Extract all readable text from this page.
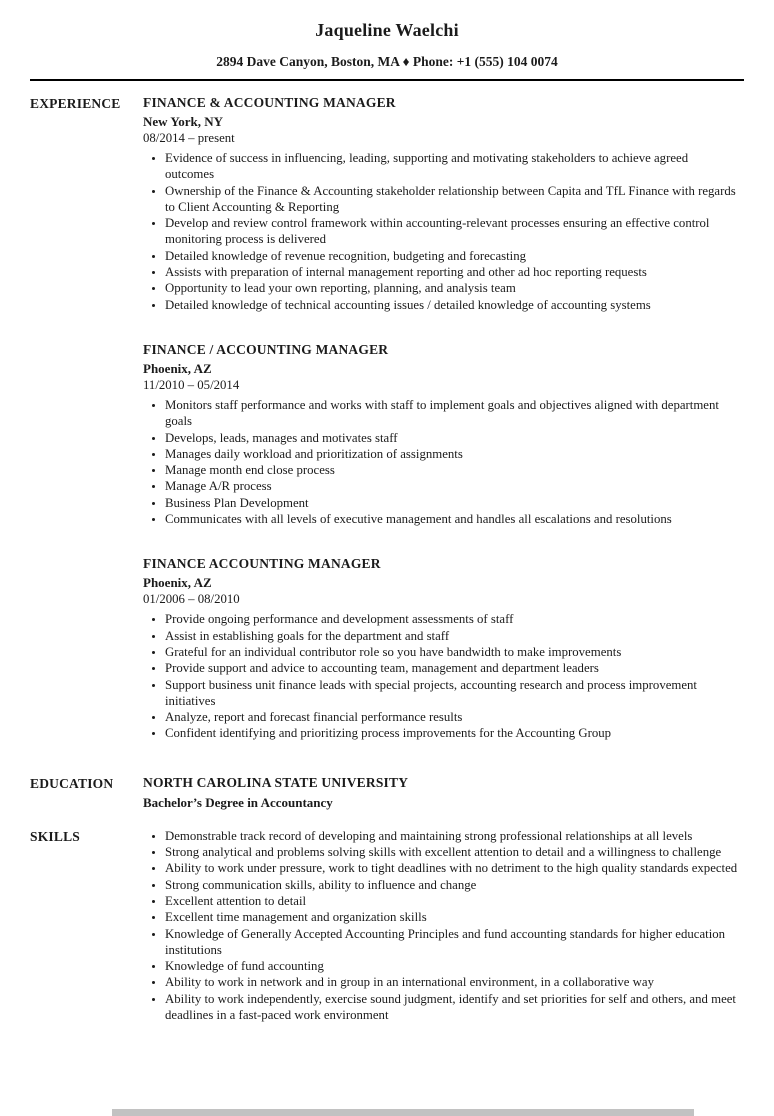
Jaqueline Waelchi
2894 Dave Canyon, Boston, MA ♦ Phone: +1 (555) 104 0074
EXPERIENCE	FINANCE & ACCOUNTING MANAGER
New York, NY
08/2014 – present
• Evidence of success in influencing, leading, supporting and motivating stakeholders to achieve agreed outcomes
• Ownership of the Finance & Accounting stakeholder relationship between Capita and TfL Finance with regards to Client Accounting & Reporting
• Develop and review control framework within accounting-relevant processes ensuring an effective control monitoring process is delivered
• Detailed knowledge of revenue recognition, budgeting and forecasting
• Assists with preparation of internal management reporting and other ad hoc reporting requests
• Opportunity to lead your own reporting, planning, and analysis team
• Detailed knowledge of technical accounting issues / detailed knowledge of accounting systems
FINANCE / ACCOUNTING MANAGER
Phoenix, AZ
11/2010 – 05/2014
• Monitors staff performance and works with staff to implement goals and objectives aligned with department goals
• Develops, leads, manages and motivates staff
• Manages daily workload and prioritization of assignments
• Manage month end close process
• Manage A/R process
• Business Plan Development
• Communicates with all levels of executive management and handles all escalations and resolutions
FINANCE ACCOUNTING MANAGER
Phoenix, AZ
01/2006 – 08/2010
• Provide ongoing performance and development assessments of staff
• Assist in establishing goals for the department and staff
• Grateful for an individual contributor role so you have bandwidth to make improvements
• Provide support and advice to accounting team, management and department leaders
• Support business unit finance leads with special projects, accounting research and process improvement initiatives
• Analyze, report and forecast financial performance results
• Confident identifying and prioritizing process improvements for the Accounting Group
EDUCATION	NORTH CAROLINA STATE UNIVERSITY
Bachelor’s Degree in Accountancy
SKILLS	• Demonstrable track record of developing and maintaining strong professional relationships at all levels
• Strong analytical and problems solving skills with excellent attention to detail and a willingness to challenge
• Ability to work under pressure, work to tight deadlines with no detriment to the high quality standards expected
• Strong communication skills, ability to influence and change
• Excellent attention to detail
• Excellent time management and organization skills
• Knowledge of Generally Accepted Accounting Principles and fund accounting standards for higher education institutions
• Knowledge of fund accounting
• Ability to work in network and in group in an international environment, in a collaborative way
• Ability to work independently, exercise sound judgment, identify and set priorities for self and others, and meet deadlines in a fast-paced work environment
